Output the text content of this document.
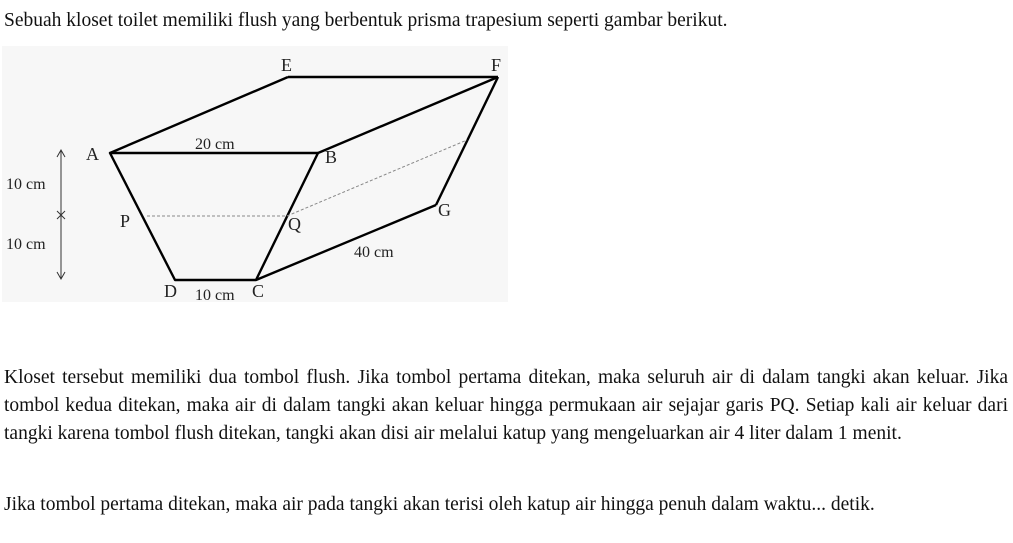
Sebuah kloset toilet memiliki flush yang berbentuk prisma trapesium seperti gambar berikut.
E	F
A	B
P	Q
G
D	C
20 cm
10 cm
40 cm
10 cm
10 cm

Kloset tersebut memiliki dua tombol flush. Jika tombol pertama ditekan, maka seluruh air di dalam tangki akan keluar. Jika tombol kedua ditekan, maka air di dalam tangki akan keluar hingga permukaan air sejajar garis PQ. Setiap kali air keluar dari tangki karena tombol flush ditekan, tangki akan disi air melalui katup yang mengeluarkan air 4 liter dalam 1 menit.

Jika tombol pertama ditekan, maka air pada tangki akan terisi oleh katup air hingga penuh dalam waktu... detik.
